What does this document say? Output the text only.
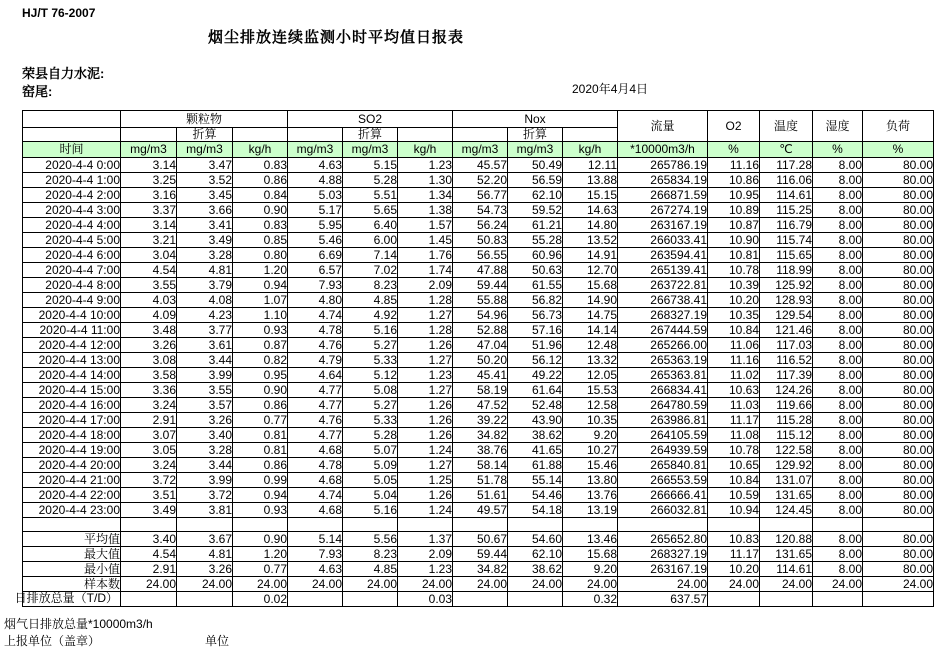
HJ/T 76-2007
烟尘排放连续监测小时平均值日报表
荣县自力水泥:
窑尾:	2020年4月4日
	颗粒物			SO2			Nox			流量	O2	温度	湿度	负荷
		折算			折算			折算						
时间	mg/m3	mg/m3	kg/h	mg/m3	mg/m3	kg/h	mg/m3	mg/m3	kg/h	*10000m3/h	%	℃	%	%
2020-4-4 0:00	3.14	3.47	0.83	4.63	5.15	1.23	45.57	50.49	12.11	265786.19	11.16	117.28	8.00	80.00
2020-4-4 1:00	3.25	3.52	0.86	4.88	5.28	1.30	52.20	56.59	13.88	265834.19	10.86	116.06	8.00	80.00
2020-4-4 2:00	3.16	3.45	0.84	5.03	5.51	1.34	56.77	62.10	15.15	266871.59	10.95	114.61	8.00	80.00
2020-4-4 3:00	3.37	3.66	0.90	5.17	5.65	1.38	54.73	59.52	14.63	267274.19	10.89	115.25	8.00	80.00
2020-4-4 4:00	3.14	3.41	0.83	5.95	6.40	1.57	56.24	61.21	14.80	263167.19	10.87	116.79	8.00	80.00
2020-4-4 5:00	3.21	3.49	0.85	5.46	6.00	1.45	50.83	55.28	13.52	266033.41	10.90	115.74	8.00	80.00
2020-4-4 6:00	3.04	3.28	0.80	6.69	7.14	1.76	56.55	60.96	14.91	263594.41	10.81	115.65	8.00	80.00
2020-4-4 7:00	4.54	4.81	1.20	6.57	7.02	1.74	47.88	50.63	12.70	265139.41	10.78	118.99	8.00	80.00
2020-4-4 8:00	3.55	3.79	0.94	7.93	8.23	2.09	59.44	61.55	15.68	263722.81	10.39	125.92	8.00	80.00
2020-4-4 9:00	4.03	4.08	1.07	4.80	4.85	1.28	55.88	56.82	14.90	266738.41	10.20	128.93	8.00	80.00
2020-4-4 10:00	4.09	4.23	1.10	4.74	4.92	1.27	54.96	56.73	14.75	268327.19	10.35	129.54	8.00	80.00
2020-4-4 11:00	3.48	3.77	0.93	4.78	5.16	1.28	52.88	57.16	14.14	267444.59	10.84	121.46	8.00	80.00
2020-4-4 12:00	3.26	3.61	0.87	4.76	5.27	1.26	47.04	51.96	12.48	265266.00	11.06	117.03	8.00	80.00
2020-4-4 13:00	3.08	3.44	0.82	4.79	5.33	1.27	50.20	56.12	13.32	265363.19	11.16	116.52	8.00	80.00
2020-4-4 14:00	3.58	3.99	0.95	4.64	5.12	1.23	45.41	49.22	12.05	265363.81	11.02	117.39	8.00	80.00
2020-4-4 15:00	3.36	3.55	0.90	4.77	5.08	1.27	58.19	61.64	15.53	266834.41	10.63	124.26	8.00	80.00
2020-4-4 16:00	3.24	3.57	0.86	4.77	5.27	1.26	47.52	52.48	12.58	264780.59	11.03	119.66	8.00	80.00
2020-4-4 17:00	2.91	3.26	0.77	4.76	5.33	1.26	39.22	43.90	10.35	263986.81	11.17	115.28	8.00	80.00
2020-4-4 18:00	3.07	3.40	0.81	4.77	5.28	1.26	34.82	38.62	9.20	264105.59	11.08	115.12	8.00	80.00
2020-4-4 19:00	3.05	3.28	0.81	4.68	5.07	1.24	38.76	41.65	10.27	264939.59	10.78	122.58	8.00	80.00
2020-4-4 20:00	3.24	3.44	0.86	4.78	5.09	1.27	58.14	61.88	15.46	265840.81	10.65	129.92	8.00	80.00
2020-4-4 21:00	3.72	3.99	0.99	4.68	5.05	1.25	51.78	55.14	13.80	266553.59	10.84	131.07	8.00	80.00
2020-4-4 22:00	3.51	3.72	0.94	4.74	5.04	1.26	51.61	54.46	13.76	266666.41	10.59	131.65	8.00	80.00
2020-4-4 23:00	3.49	3.81	0.93	4.68	5.16	1.24	49.57	54.18	13.19	266032.81	10.94	124.45	8.00	80.00

平均值	3.40	3.67	0.90	5.14	5.56	1.37	50.67	54.60	13.46	265652.80	10.83	120.88	8.00	80.00
最大值	4.54	4.81	1.20	7.93	8.23	2.09	59.44	62.10	15.68	268327.19	11.17	131.65	8.00	80.00
最小值	2.91	3.26	0.77	4.63	4.85	1.23	34.82	38.62	9.20	263167.19	10.20	114.61	8.00	80.00
样本数	24.00	24.00	24.00	24.00	24.00	24.00	24.00	24.00	24.00	24.00	24.00	24.00	24.00	24.00

日排放总量（T/D）			0.02			0.03			0.32	637.57				
烟气日排放总量*10000m3/h
上报单位（盖章）	单位
